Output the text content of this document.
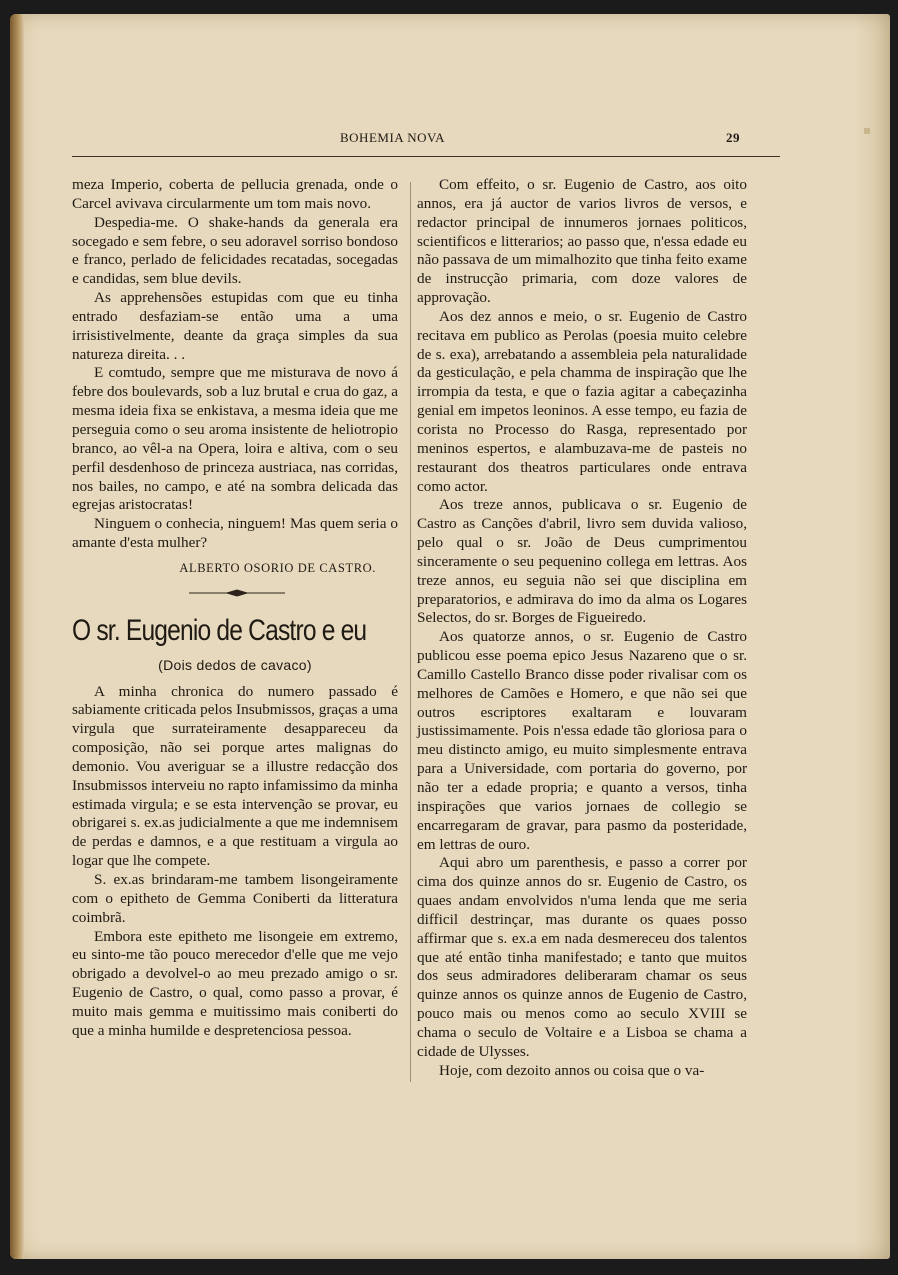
BOHEMIA NOVA	29

meza Imperio, coberta de pellucia grenada, onde o Carcel avivava circularmente um tom mais novo.

Despedia-me. O shake-hands da generala era socegado e sem febre, o seu adoravel sorriso bondoso e franco, perlado de felicidades recatadas, socegadas e candidas, sem blue devils.

As apprehensões estupidas com que eu tinha entrado desfaziam-se então uma a uma irrisistivelmente, deante da graça simples da sua natureza direita. . .

E comtudo, sempre que me misturava de novo á febre dos boulevards, sob a luz brutal e crua do gaz, a mesma ideia fixa se enkistava, a mesma ideia que me perseguia como o seu aroma insistente de heliotropio branco, ao vêl-a na Opera, loira e altiva, com o seu perfil desdenhoso de princeza austriaca, nas corridas, nos bailes, no campo, e até na sombra delicada das egrejas aristocratas!

Ninguem o conhecia, ninguem! Mas quem seria o amante d'esta mulher?

ALBERTO OSORIO DE CASTRO.

O sr. Eugenio de Castro e eu

(Dois dedos de cavaco)

A minha chronica do numero passado é sabiamente criticada pelos Insubmissos, graças a uma virgula que surrateiramente desappareceu da composição, não sei porque artes malignas do demonio. Vou averiguar se a illustre redacção dos Insubmissos interveiu no rapto infamissimo da minha estimada virgula; e se esta intervenção se provar, eu obrigarei s. ex.as judicialmente a que me indemnisem de perdas e damnos, e a que restituam a virgula ao logar que lhe compete.

S. ex.as brindaram-me tambem lisongeiramente com o epitheto de Gemma Coniberti da litteratura coimbrã.

Embora este epitheto me lisongeie em extremo, eu sinto-me tão pouco merecedor d'elle que me vejo obrigado a devolvel-o ao meu prezado amigo o sr. Eugenio de Castro, o qual, como passo a provar, é muito mais gemma e muitissimo mais coniberti do que a minha humilde e despretenciosa pessoa.

Com effeito, o sr. Eugenio de Castro, aos oito annos, era já auctor de varios livros de versos, e redactor principal de innumeros jornaes politicos, scientificos e litterarios; ao passo que, n'essa edade eu não passava de um mimalhozito que tinha feito exame de instrucção primaria, com doze valores de approvação.

Aos dez annos e meio, o sr. Eugenio de Castro recitava em publico as Perolas (poesia muito celebre de s. exa), arrebatando a assembleia pela naturalidade da gesticulação, e pela chamma de inspiração que lhe irrompia da testa, e que o fazia agitar a cabeçazinha genial em impetos leoninos. A esse tempo, eu fazia de corista no Processo do Rasga, representado por meninos espertos, e alambuzava-me de pasteis no restaurant dos theatros particulares onde entrava como actor.

Aos treze annos, publicava o sr. Eugenio de Castro as Canções d'abril, livro sem duvida valioso, pelo qual o sr. João de Deus cumprimentou sinceramente o seu pequenino collega em lettras. Aos treze annos, eu seguia não sei que disciplina em preparatorios, e admirava do imo da alma os Logares Selectos, do sr. Borges de Figueiredo.

Aos quatorze annos, o sr. Eugenio de Castro publicou esse poema epico Jesus Nazareno que o sr. Camillo Castello Branco disse poder rivalisar com os melhores de Camões e Homero, e que não sei que outros escriptores exaltaram e louvaram justissimamente. Pois n'essa edade tão gloriosa para o meu distincto amigo, eu muito simplesmente entrava para a Universidade, com portaria do governo, por não ter a edade propria; e quanto a versos, tinha inspirações que varios jornaes de collegio se encarregaram de gravar, para pasmo da posteridade, em lettras de ouro.

Aqui abro um parenthesis, e passo a correr por cima dos quinze annos do sr. Eugenio de Castro, os quaes andam envolvidos n'uma lenda que me seria difficil destrinçar, mas durante os quaes posso affirmar que s. ex.a em nada desmereceu dos talentos que até então tinha manifestado; e tanto que muitos dos seus admiradores deliberaram chamar os seus quinze annos os quinze annos de Eugenio de Castro, pouco mais ou menos como ao seculo XVIII se chama o seculo de Voltaire e a Lisboa se chama a cidade de Ulysses.

Hoje, com dezoito annos ou coisa que o va-
